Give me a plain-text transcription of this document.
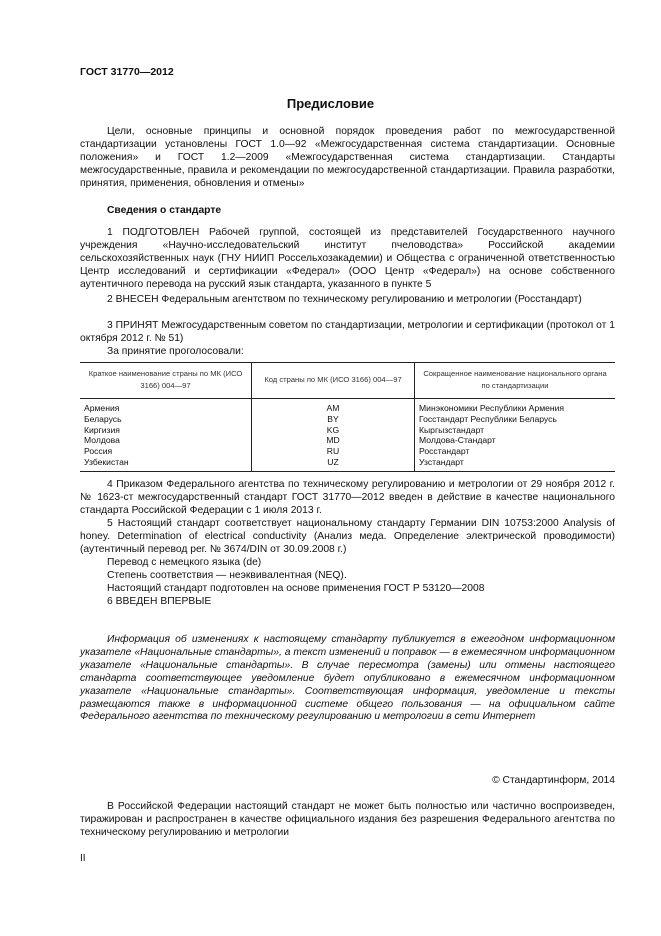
ГОСТ 31770—2012
Предисловие

Цели, основные принципы и основной порядок проведения работ по межгосударственной стандартизации установлены ГОСТ 1.0—92 «Межгосударственная система стандартизации. Основные положения» и ГОСТ 1.2—2009 «Межгосударственная система стандартизации. Стандарты межгосударственные, правила и рекомендации по межгосударственной стандартизации. Правила разработки, принятия, применения, обновления и отмены»

Сведения о стандарте

1 ПОДГОТОВЛЕН Рабочей группой, состоящей из представителей Государственного научного учреждения «Научно-исследовательский институт пчеловодства» Российской академии сельскохозяйственных наук (ГНУ НИИП Россельхозакадемии) и Общества с ограниченной ответственностью Центр исследований и сертификации «Федерал» (ООО Центр «Федерал») на основе собственного аутентичного перевода на русский язык стандарта, указанного в пункте 5

2 ВНЕСЕН Федеральным агентством по техническому регулированию и метрологии (Росстандарт)

3 ПРИНЯТ Межгосударственным советом по стандартизации, метрологии и сертификации (протокол от 1 октября 2012 г. № 51)

За принятие проголосовали:

Краткое наименование страны по МК (ИСО 3166) 004—97	Код страны по МК (ИСО 3166) 004—97	Сокращенное наименование национального органа по стандартизации
Армения	AM	Минэкономики Республики Армения
Беларусь	BY	Госстандарт Республики Беларусь
Киргизия	KG	Кыргызстандарт
Молдова	MD	Молдова-Стандарт
Россия	RU	Росстандарт
Узбекистан	UZ	Узстандарт

4 Приказом Федерального агентства по техническому регулированию и метрологии от 29 ноября 2012 г. № 1623-ст межгосударственный стандарт ГОСТ 31770—2012 введен в действие в качестве национального стандарта Российской Федерации с 1 июля 2013 г.

5 Настоящий стандарт соответствует национальному стандарту Германии DIN 10753:2000 Analysis of honey. Determination of electrical conductivity (Анализ меда. Определение электрической проводимости) (аутентичный перевод рег. № 3674/DIN от 30.09.2008 г.)

Перевод с немецкого языка (de)

Степень соответствия — неэквивалентная (NEQ).

Настоящий стандарт подготовлен на основе применения ГОСТ Р 53120—2008

6 ВВЕДЕН ВПЕРВЫЕ

Информация об изменениях к настоящему стандарту публикуется в ежегодном информационном указателе «Национальные стандарты», а текст изменений и поправок — в ежемесячном информационном указателе «Национальные стандарты». В случае пересмотра (замены) или отмены настоящего стандарта соответствующее уведомление будет опубликовано в ежемесячном информационном указателе «Национальные стандарты». Соответствующая информация, уведомление и тексты размещаются также в информационной системе общего пользования — на официальном сайте Федерального агентства по техническому регулированию и метрологии в сети Интернет

© Стандартинформ, 2014

В Российской Федерации настоящий стандарт не может быть полностью или частично воспроизведен, тиражирован и распространен в качестве официального издания без разрешения Федерального агентства по техническому регулированию и метрологии

II
